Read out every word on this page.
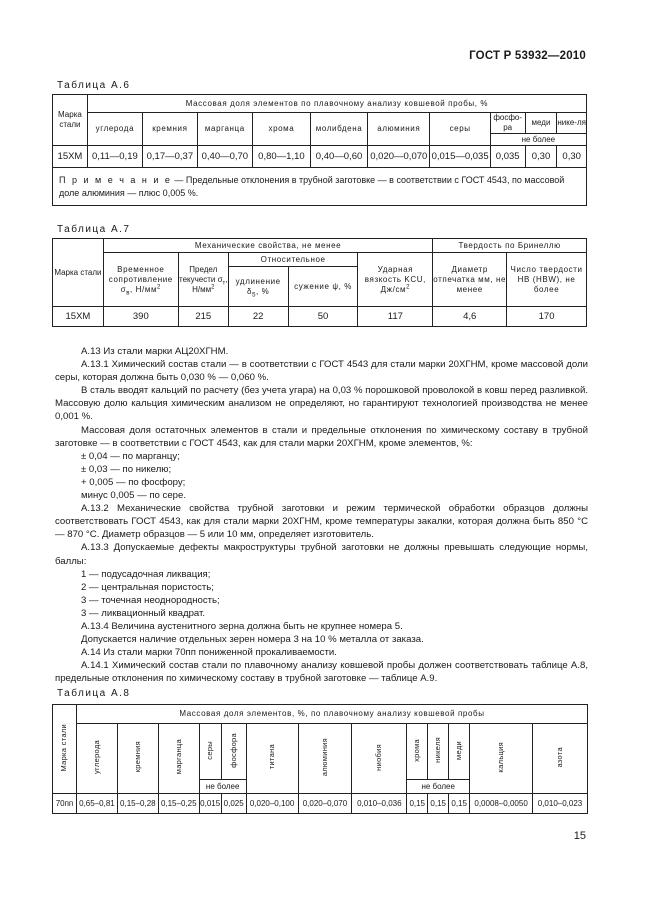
ГОСТ Р 53932—2010
Таблица А.6
Марка стали	Массовая доля элементов по плавочному анализу ковшевой пробы, %									
	углерода	кремния	марганца	хрома	молибдена	алюминия	серы	фосфо-ра	меди	нике-ля
								не более		
15ХМ	0,11—0,19	0,17—0,37	0,40—0,70	0,80—1,10	0,40—0,60	0,020—0,070	0,015—0,035	0,035	0,30	0,30
П р и м е ч а н и е — Предельные отклонения в трубной заготовке — в соответствии с ГОСТ 4543, по массовой доле алюминия — плюс 0,005 %.										
Таблица А.7
Марка стали	Механические свойства, не менее					Твердость по Бринеллю	
	Временное сопротивление $\sigma_в$, $Н/мм^2$	Предел текучести $\sigma_т$, $Н/мм^2$	Относительное		Ударная вязкость KCU, $Дж/см^2$	Диаметр отпечатка мм, не менее	Число твердости HB (HBW), не более
			удлинение $\delta_5$, %	сужение ψ, %			
15ХМ	390	215	22	50	117	4,6	170

А.13 Из стали марки АЦ20ХГНМ.

А.13.1 Химический состав стали — в соответствии с ГОСТ 4543 для стали марки 20ХГНМ, кроме массовой доли серы, которая должна быть 0,030 % — 0,060 %.

В сталь вводят кальций по расчету (без учета угара) на 0,03 % порошковой проволокой в ковш перед разливкой. Массовую долю кальция химическим анализом не определяют, но гарантируют технологией производства не менее 0,001 %.

Массовая доля остаточных элементов в стали и предельные отклонения по химическому составу в трубной заготовке — в соответствии с ГОСТ 4543, как для стали марки 20ХГНМ, кроме элементов, %:

± 0,04 — по марганцу;

± 0,03 — по никелю;

+ 0,005 — по фосфору;

минус 0,005 — по сере.

А.13.2 Механические свойства трубной заготовки и режим термической обработки образцов должны соответствовать ГОСТ 4543, как для стали марки 20ХГНМ, кроме температуры закалки, которая должна быть 850 °С — 870 °С. Диаметр образцов — 5 или 10 мм, определяет изготовитель.

А.13.3 Допускаемые дефекты макроструктуры трубной заготовки не должны превышать следующие нормы, баллы:

1 — подусадочная ликвация;

2 — центральная пористость;

3 — точечная неоднородность;

3 — ликвационный квадрат.

А.13.4 Величина аустенитного зерна должна быть не крупнее номера 5.

Допускается наличие отдельных зерен номера 3 на 10 % металла от заказа.

А.14 Из стали марки 70пп пониженной прокаливаемости.

А.14.1 Химический состав стали по плавочному анализу ковшевой пробы должен соответствовать таблице А.8, предельные отклонения по химическому составу в трубной заготовке — таблице А.9.

Таблица А.8
Марка стали	Массовая доля элементов, %, по плавочному анализу ковшевой пробы												
	углерода	кремния	марганца	серы	фосфора	титана	алюминия	ниобия	хрома	никеля	меди	кальция	азота
				не более					не более				
70пп	0,65–0,81	0,15–0,28	0,15–0,25	0,015	0,025	0,020–0,100	0,020–0,070	0,010–0,036	0,15	0,15	0,15	0,0008–0,0050	0,010–0,023
15
